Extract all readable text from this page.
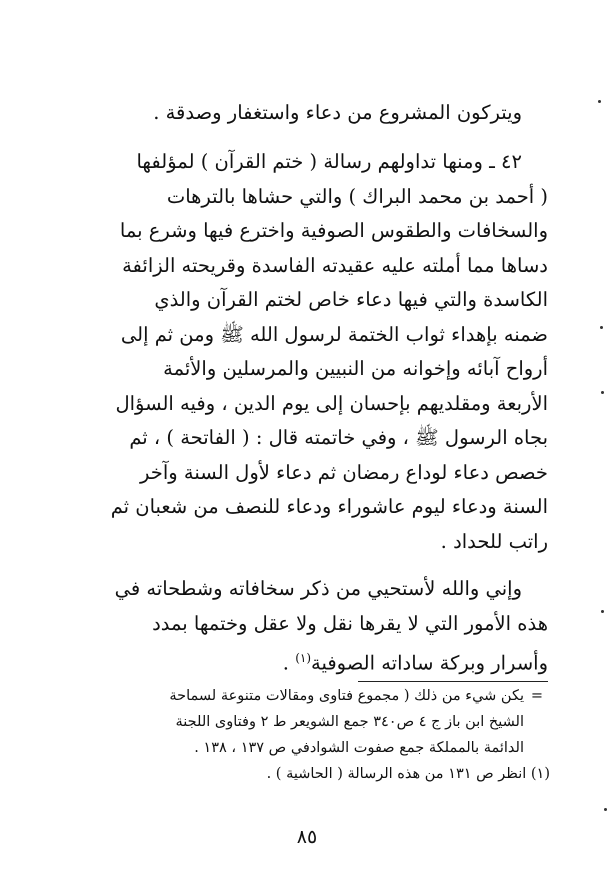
ويتركون المشروع من دعاء واستغفار وصدقة .
٤٢ ـ ومنها تداولهم رسالة ( ختم القرآن ) لمؤلفها
( أحمد بن محمد البراك ) والتي حشاها بالترهات
والسخافات والطقوس الصوفية واخترع فيها وشرع بما
دساها مما أملته عليه عقيدته الفاسدة وقريحته الزائفة
الكاسدة والتي فيها دعاء خاص لختم القرآن والذي
ضمنه بإهداء ثواب الختمة لرسول الله ﷺ ومن ثم إلى
أرواح آبائه وإخوانه من النبيين والمرسلين والأئمة
الأربعة ومقلديهم بإحسان إلى يوم الدين ، وفيه السؤال
بجاه الرسول ﷺ ، وفي خاتمته قال : ( الفاتحة ) ، ثم
خصص دعاء لوداع رمضان ثم دعاء لأول السنة وآخر
السنة ودعاء ليوم عاشوراء ودعاء للنصف من شعبان ثم
راتب للحداد .
وإني والله لأستحيي من ذكر سخافاته وشطحاته في
هذه الأمور التي لا يقرها نقل ولا عقل وختمها بمدد
وأسرار وبركة ساداته الصوفية$^{(١)}$ .
=يكن شيء من ذلك ( مجموع فتاوى ومقالات متنوعة لسماحة
الشيخ ابن باز ج ٤ ص٣٤٠ جمع الشويعر ط ٢ وفتاوى اللجنة
الدائمة بالمملكة جمع صفوت الشوادفي ص ١٣٧ ، ١٣٨ .
(١) انظر ص ١٣١ من هذه الرسالة ( الحاشية ) .
٨٥
